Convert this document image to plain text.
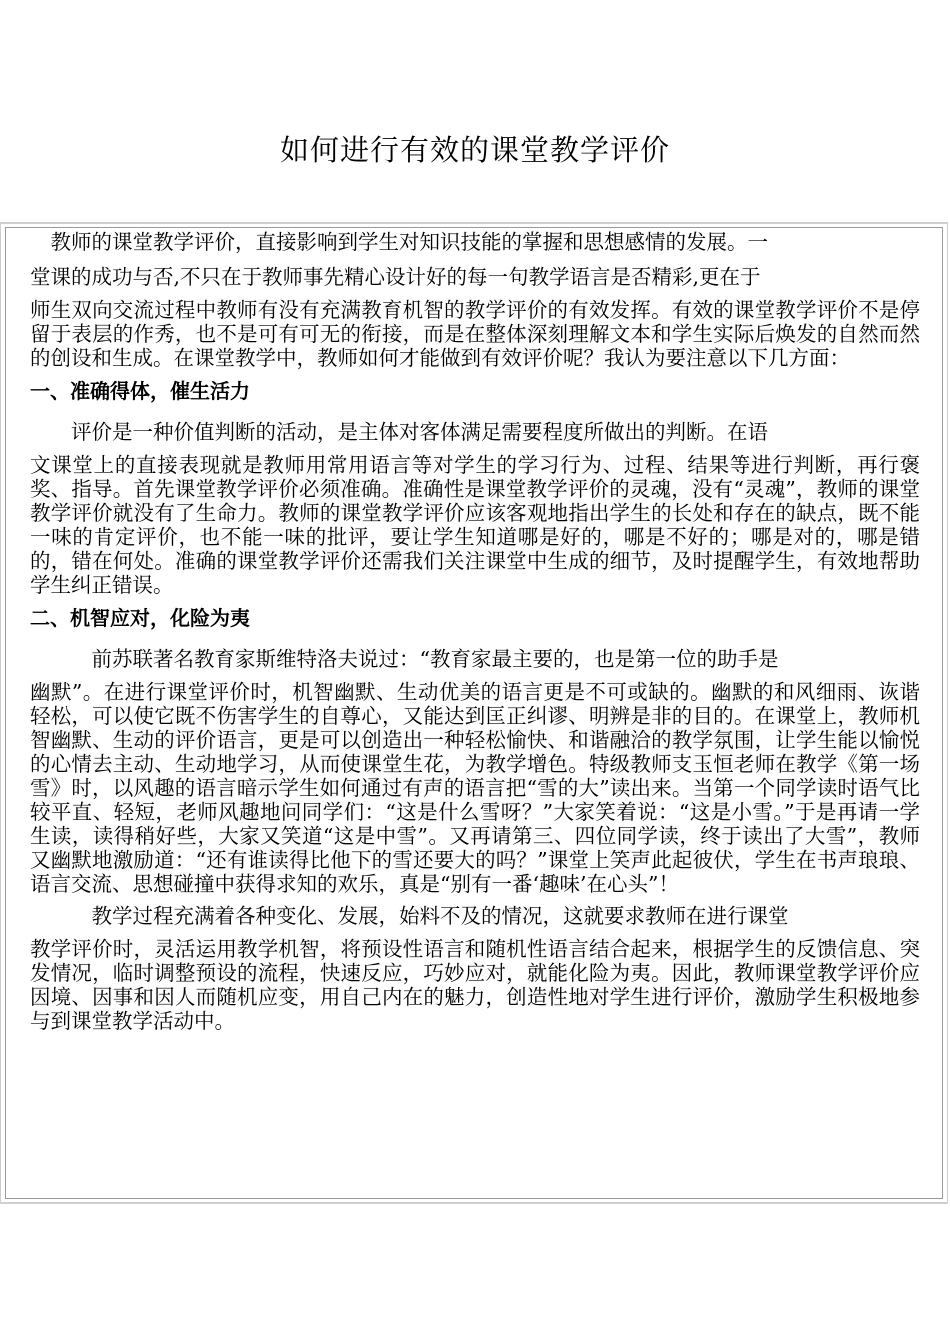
如何进行有效的课堂教学评价

　教师的课堂教学评价，直接影响到学生对知识技能的掌握和思想感情的发展。一

堂课的成功与否,不只在于教师事先精心设计好的每一句教学语言是否精彩,更在于

师生双向交流过程中教师有没有充满教育机智的教学评价的有效发挥。有效的课堂教学评价不是停留于表层的作秀，也不是可有可无的衔接，而是在整体深刻理解文本和学生实际后焕发的自然而然的创设和生成。在课堂教学中，教师如何才能做到有效评价呢？我认为要注意以下几方面：

一、准确得体，催生活力

　　评价是一种价值判断的活动，是主体对客体满足需要程度所做出的判断。在语

文课堂上的直接表现就是教师用常用语言等对学生的学习行为、过程、结果等进行判断，再行褒奖、指导。首先课堂教学评价必须准确。准确性是课堂教学评价的灵魂，没有“灵魂”，教师的课堂教学评价就没有了生命力。教师的课堂教学评价应该客观地指出学生的长处和存在的缺点，既不能一味的肯定评价，也不能一味的批评，要让学生知道哪是好的，哪是不好的；哪是对的，哪是错的，错在何处。准确的课堂教学评价还需我们关注课堂中生成的细节，及时提醒学生，有效地帮助学生纠正错误。

二、机智应对，化险为夷

　　　前苏联著名教育家斯维特洛夫说过：“教育家最主要的，也是第一位的助手是

幽默”。在进行课堂评价时，机智幽默、生动优美的语言更是不可或缺的。幽默的和风细雨、诙谐轻松，可以使它既不伤害学生的自尊心，又能达到匡正纠谬、明辨是非的目的。在课堂上，教师机智幽默、生动的评价语言，更是可以创造出一种轻松愉快、和谐融洽的教学氛围，让学生能以愉悦的心情去主动、生动地学习，从而使课堂生花，为教学增色。特级教师支玉恒老师在教学《第一场雪》时，以风趣的语言暗示学生如何通过有声的语言把“雪的大”读出来。当第一个同学读时语气比较平直、轻短，老师风趣地问同学们：“这是什么雪呀？”大家笑着说：“这是小雪。”于是再请一学生读，读得稍好些，大家又笑道“这是中雪”。又再请第三、四位同学读，终于读出了大雪”，教师又幽默地激励道：“还有谁读得比他下的雪还要大的吗？”课堂上笑声此起彼伏，学生在书声琅琅、语言交流、思想碰撞中获得求知的欢乐，真是“别有一番‘趣味’在心头”！

　　　教学过程充满着各种变化、发展，始料不及的情况，这就要求教师在进行课堂

教学评价时，灵活运用教学机智，将预设性语言和随机性语言结合起来，根据学生的反馈信息、突发情况，临时调整预设的流程，快速反应，巧妙应对，就能化险为夷。因此，教师课堂教学评价应因境、因事和因人而随机应变，用自己内在的魅力，创造性地对学生进行评价，激励学生积极地参与到课堂教学活动中。
